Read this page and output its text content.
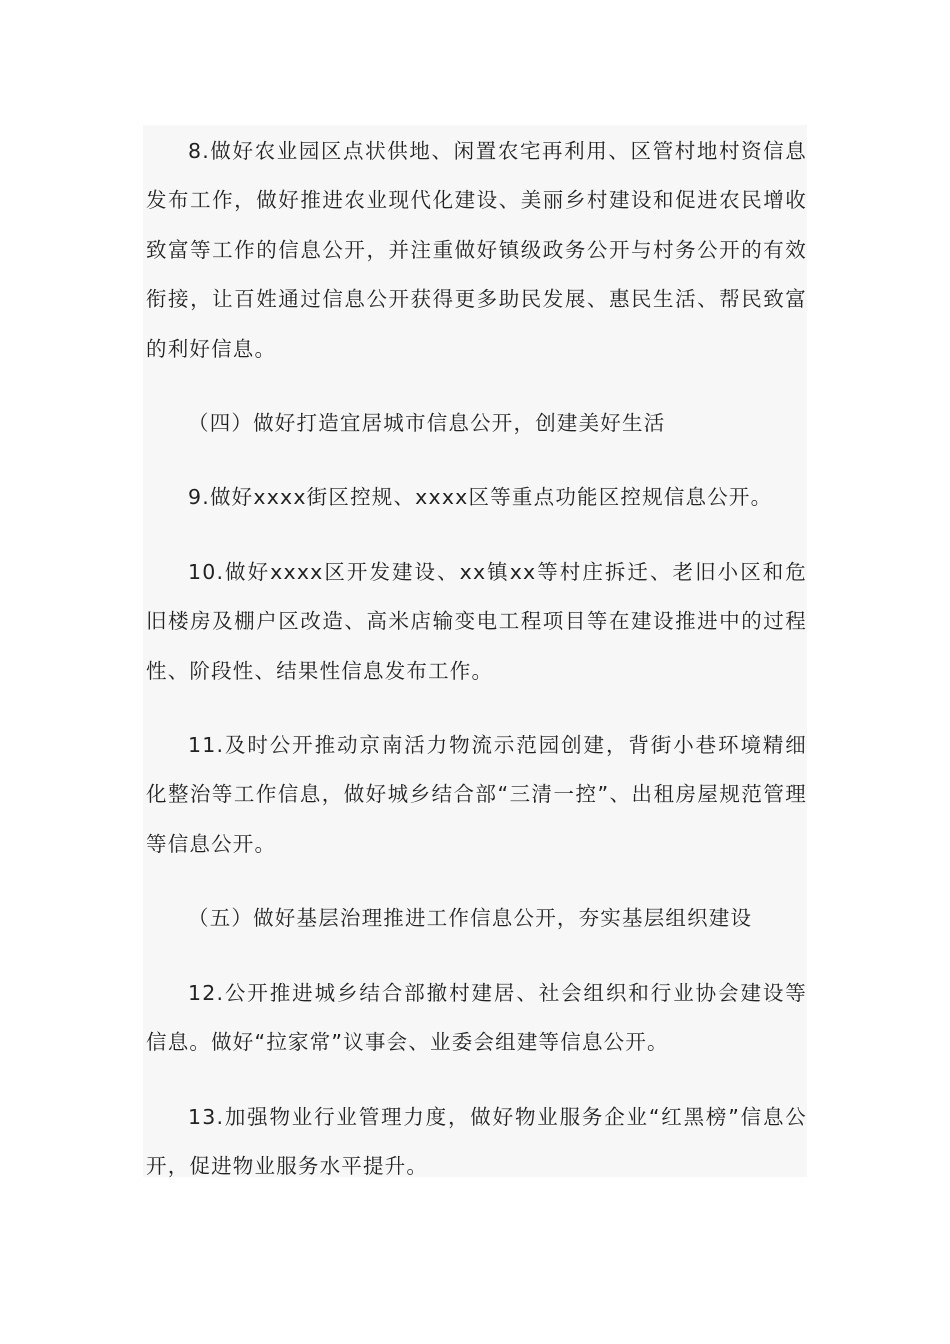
8.做好农业园区点状供地、闲置农宅再利用、区管村地村资信息发布工作，做好推进农业现代化建设、美丽乡村建设和促进农民增收致富等工作的信息公开，并注重做好镇级政务公开与村务公开的有效衔接，让百姓通过信息公开获得更多助民发展、惠民生活、帮民致富的利好信息。

（四）做好打造宜居城市信息公开，创建美好生活

9.做好xxxx街区控规、xxxx区等重点功能区控规信息公开。

10.做好xxxx区开发建设、xx镇xx等村庄拆迁、老旧小区和危旧楼房及棚户区改造、高米店输变电工程项目等在建设推进中的过程性、阶段性、结果性信息发布工作。

11.及时公开推动京南活力物流示范园创建，背街小巷环境精细化整治等工作信息，做好城乡结合部“三清一控”、出租房屋规范管理等信息公开。

（五）做好基层治理推进工作信息公开，夯实基层组织建设

12.公开推进城乡结合部撤村建居、社会组织和行业协会建设等信息。做好“拉家常”议事会、业委会组建等信息公开。

13.加强物业行业管理力度，做好物业服务企业“红黑榜”信息公开，促进物业服务水平提升。
